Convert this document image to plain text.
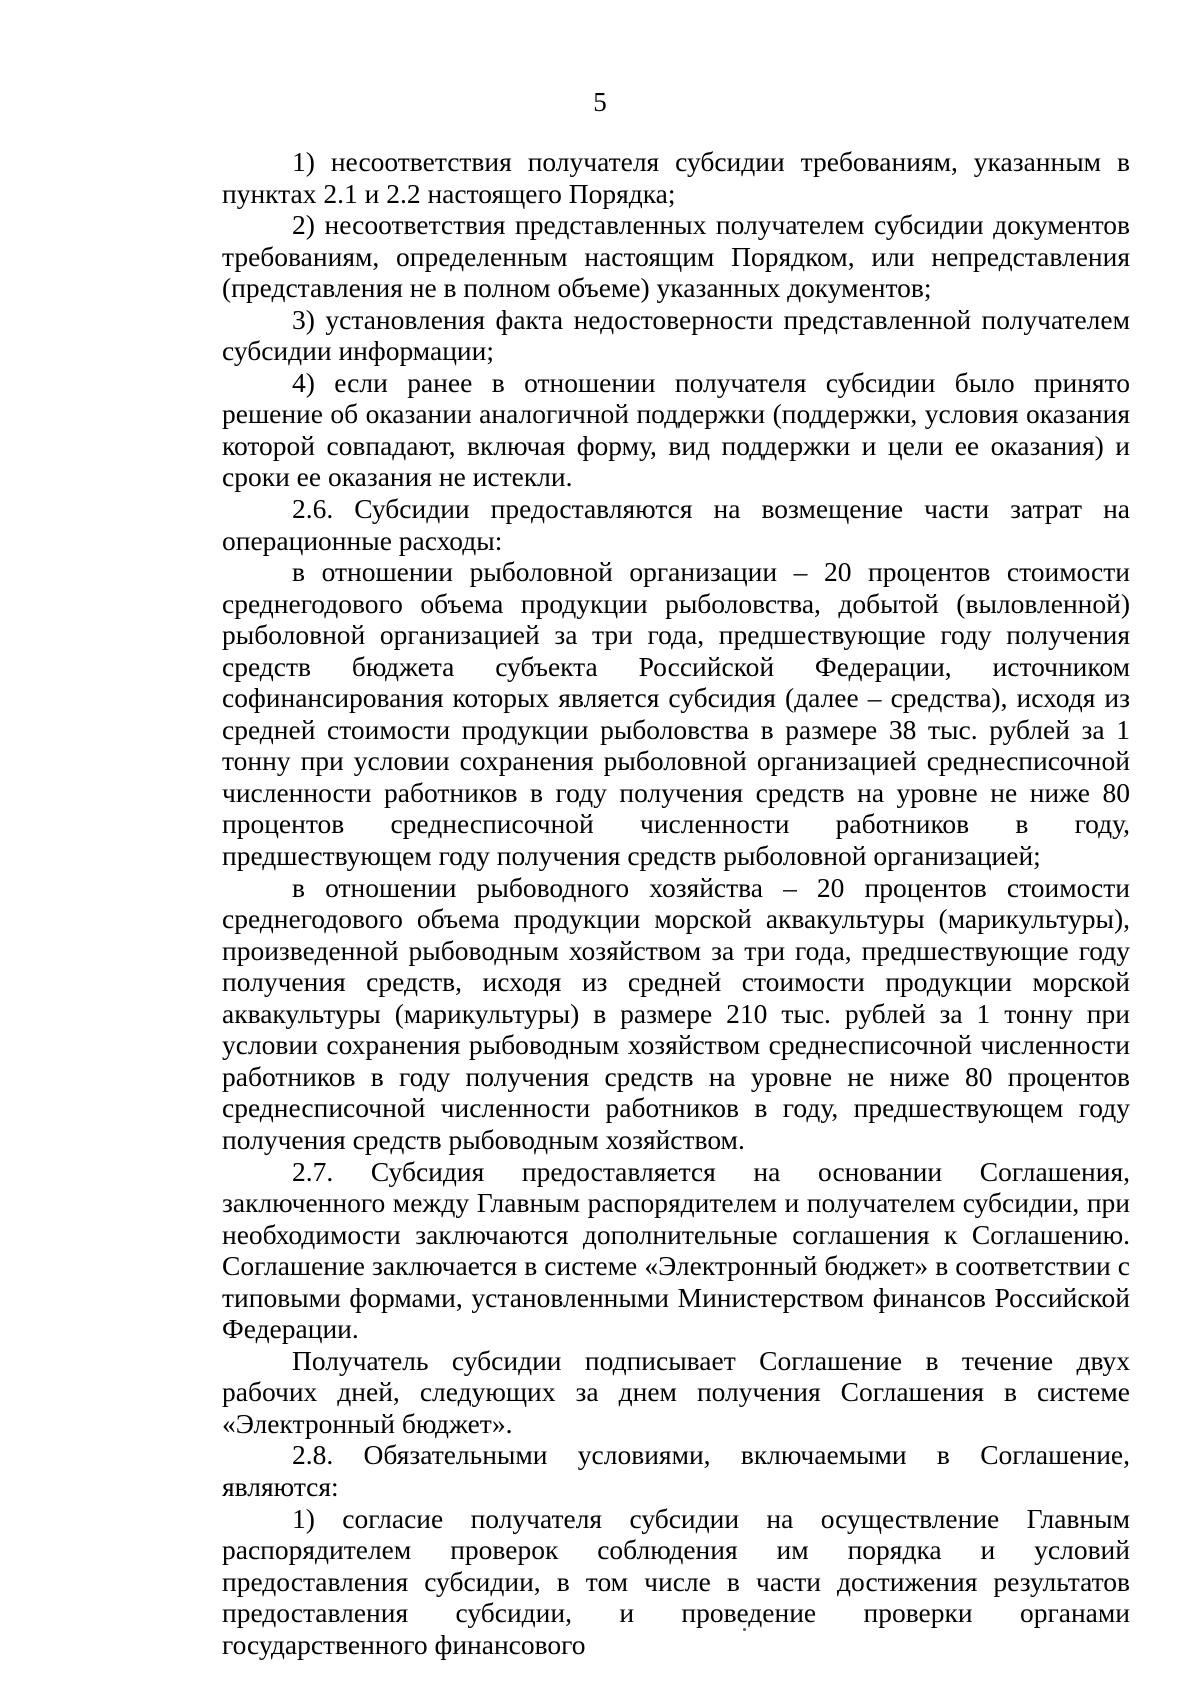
5

1) несоответствия получателя субсидии требованиям, указанным в пунктах 2.1 и 2.2 настоящего Порядка;

2) несоответствия представленных получателем субсидии документов требованиям, определенным настоящим Порядком, или непредставления (представления не в полном объеме) указанных документов;

3) установления факта недостоверности представленной получателем субсидии информации;

4) если ранее в отношении получателя субсидии было принято решение об оказании аналогичной поддержки (поддержки, условия оказания которой совпадают, включая форму, вид поддержки и цели ее оказания) и сроки ее оказания не истекли.

2.6. Субсидии предоставляются на возмещение части затрат на операционные расходы:

в отношении рыболовной организации – 20 процентов стоимости среднегодового объема продукции рыболовства, добытой (выловленной) рыболовной организацией за три года, предшествующие году получения средств бюджета субъекта Российской Федерации, источником софинансирования которых является субсидия (далее – средства), исходя из средней стоимости продукции рыболовства в размере 38 тыс. рублей за 1 тонну при условии сохранения рыболовной организацией среднесписочной численности работников в году получения средств на уровне не ниже 80 процентов среднесписочной численности работников в году, предшествующем году получения средств рыболовной организацией;

в отношении рыбоводного хозяйства – 20 процентов стоимости среднегодового объема продукции морской аквакультуры (марикультуры), произведенной рыбоводным хозяйством за три года, предшествующие году получения средств, исходя из средней стоимости продукции морской аквакультуры (марикультуры) в размере 210 тыс. рублей за 1 тонну при условии сохранения рыбоводным хозяйством среднесписочной численности работников в году получения средств на уровне не ниже 80 процентов среднесписочной численности работников в году, предшествующем году получения средств рыбоводным хозяйством.

2.7. Субсидия предоставляется на основании Соглашения, заключенного между Главным распорядителем и получателем субсидии, при необходимости заключаются дополнительные соглашения к Соглашению. Соглашение заключается в системе «Электронный бюджет» в соответствии с типовыми формами, установленными Министерством финансов Российской Федерации.

Получатель субсидии подписывает Соглашение в течение двух рабочих дней, следующих за днем получения Соглашения в системе «Электронный бюджет».

2.8. Обязательными условиями, включаемыми в Соглашение, являются:

1) согласие получателя субсидии на осуществление Главным распорядителем проверок соблюдения им порядка и условий предоставления субсидии, в том числе в части достижения результатов предоставления субсидии, и проведение проверки органами государственного финансового
